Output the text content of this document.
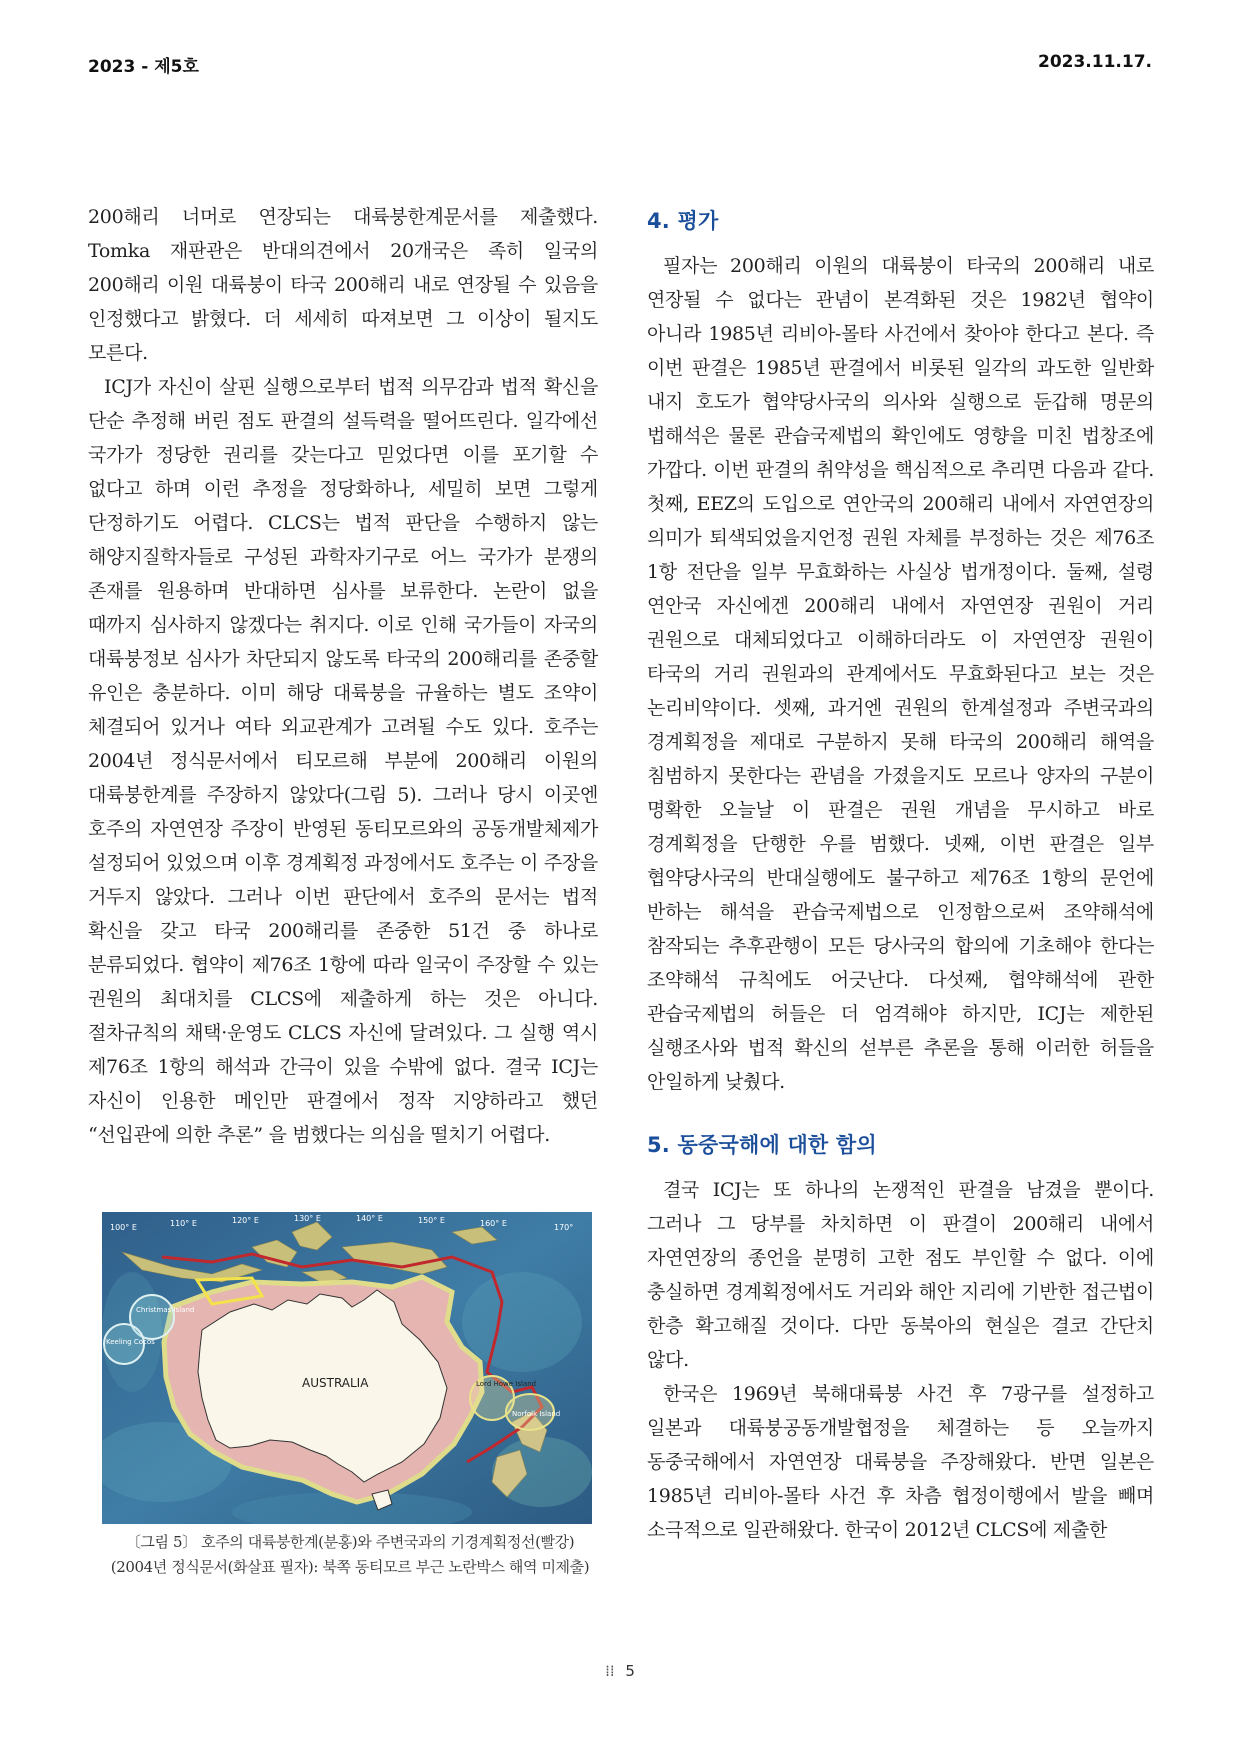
2023 - 제5호	2023.11.17.

200해리 너머로 연장되는 대륙붕한계문서를 제출했다. Tomka 재판관은 반대의견에서 20개국은 족히 일국의 200해리 이원 대륙붕이 타국 200해리 내로 연장될 수 있음을 인정했다고 밝혔다. 더 세세히 따져보면 그 이상이 될지도 모른다.

ICJ가 자신이 살핀 실행으로부터 법적 의무감과 법적 확신을 단순 추정해 버린 점도 판결의 설득력을 떨어뜨린다. 일각에선 국가가 정당한 권리를 갖는다고 믿었다면 이를 포기할 수 없다고 하며 이런 추정을 정당화하나, 세밀히 보면 그렇게 단정하기도 어렵다. CLCS는 법적 판단을 수행하지 않는 해양지질학자들로 구성된 과학자기구로 어느 국가가 분쟁의 존재를 원용하며 반대하면 심사를 보류한다. 논란이 없을 때까지 심사하지 않겠다는 취지다. 이로 인해 국가들이 자국의 대륙붕정보 심사가 차단되지 않도록 타국의 200해리를 존중할 유인은 충분하다. 이미 해당 대륙붕을 규율하는 별도 조약이 체결되어 있거나 여타 외교관계가 고려될 수도 있다. 호주는 2004년 정식문서에서 티모르해 부분에 200해리 이원의 대륙붕한계를 주장하지 않았다(그림 5). 그러나 당시 이곳엔 호주의 자연연장 주장이 반영된 동티모르와의 공동개발체제가 설정되어 있었으며 이후 경계획정 과정에서도 호주는 이 주장을 거두지 않았다. 그러나 이번 판단에서 호주의 문서는 법적 확신을 갖고 타국 200해리를 존중한 51건 중 하나로 분류되었다. 협약이 제76조 1항에 따라 일국이 주장할 수 있는 권원의 최대치를 CLCS에 제출하게 하는 것은 아니다. 절차규칙의 채택·운영도 CLCS 자신에 달려있다. 그 실행 역시 제76조 1항의 해석과 간극이 있을 수밖에 없다. 결국 ICJ는 자신이 인용한 메인만 판결에서 정작 지양하라고 했던 “선입관에 의한 추론” 을 범했다는 의심을 떨치기 어렵다.

100° E	110° E	120° E	130° E	140° E	150° E	160° E	170°
AUSTRALIA	Lord Howe Island
Norfolk Island
Christmas Island
Keeling Cocos
〔그림 5〕 호주의 대륙붕한계(분홍)와 주변국과의 기경계획정선(빨강)
(2004년 정식문서(화살표 필자): 북쪽 동티모르 부근 노란박스 해역 미제출)
4. 평가

필자는 200해리 이원의 대륙붕이 타국의 200해리 내로 연장될 수 없다는 관념이 본격화된 것은 1982년 협약이 아니라 1985년 리비아-몰타 사건에서 찾아야 한다고 본다. 즉 이번 판결은 1985년 판결에서 비롯된 일각의 과도한 일반화 내지 호도가 협약당사국의 의사와 실행으로 둔갑해 명문의 법해석은 물론 관습국제법의 확인에도 영향을 미친 법창조에 가깝다. 이번 판결의 취약성을 핵심적으로 추리면 다음과 같다. 첫째, EEZ의 도입으로 연안국의 200해리 내에서 자연연장의 의미가 퇴색되었을지언정 권원 자체를 부정하는 것은 제76조 1항 전단을 일부 무효화하는 사실상 법개정이다. 둘째, 설령 연안국 자신에겐 200해리 내에서 자연연장 권원이 거리 권원으로 대체되었다고 이해하더라도 이 자연연장 권원이 타국의 거리 권원과의 관계에서도 무효화된다고 보는 것은 논리비약이다. 셋째, 과거엔 권원의 한계설정과 주변국과의 경계획정을 제대로 구분하지 못해 타국의 200해리 해역을 침범하지 못한다는 관념을 가졌을지도 모르나 양자의 구분이 명확한 오늘날 이 판결은 권원 개념을 무시하고 바로 경계획정을 단행한 우를 범했다. 넷째, 이번 판결은 일부 협약당사국의 반대실행에도 불구하고 제76조 1항의 문언에 반하는 해석을 관습국제법으로 인정함으로써 조약해석에 참작되는 추후관행이 모든 당사국의 합의에 기초해야 한다는 조약해석 규칙에도 어긋난다. 다섯째, 협약해석에 관한 관습국제법의 허들은 더 엄격해야 하지만, ICJ는 제한된 실행조사와 법적 확신의 섣부른 추론을 통해 이러한 허들을 안일하게 낮췄다.

5. 동중국해에 대한 함의

결국 ICJ는 또 하나의 논쟁적인 판결을 남겼을 뿐이다. 그러나 그 당부를 차치하면 이 판결이 200해리 내에서 자연연장의 종언을 분명히 고한 점도 부인할 수 없다. 이에 충실하면 경계획정에서도 거리와 해안 지리에 기반한 접근법이 한층 확고해질 것이다. 다만 동북아의 현실은 결코 간단치 않다.

한국은 1969년 북해대륙붕 사건 후 7광구를 설정하고 일본과 대륙붕공동개발협정을 체결하는 등 오늘까지 동중국해에서 자연연장 대륙붕을 주장해왔다. 반면 일본은 1985년 리비아-몰타 사건 후 차츰 협정이행에서 발을 빼며 소극적으로 일관해왔다. 한국이 2012년 CLCS에 제출한

⁞⁞ 5
